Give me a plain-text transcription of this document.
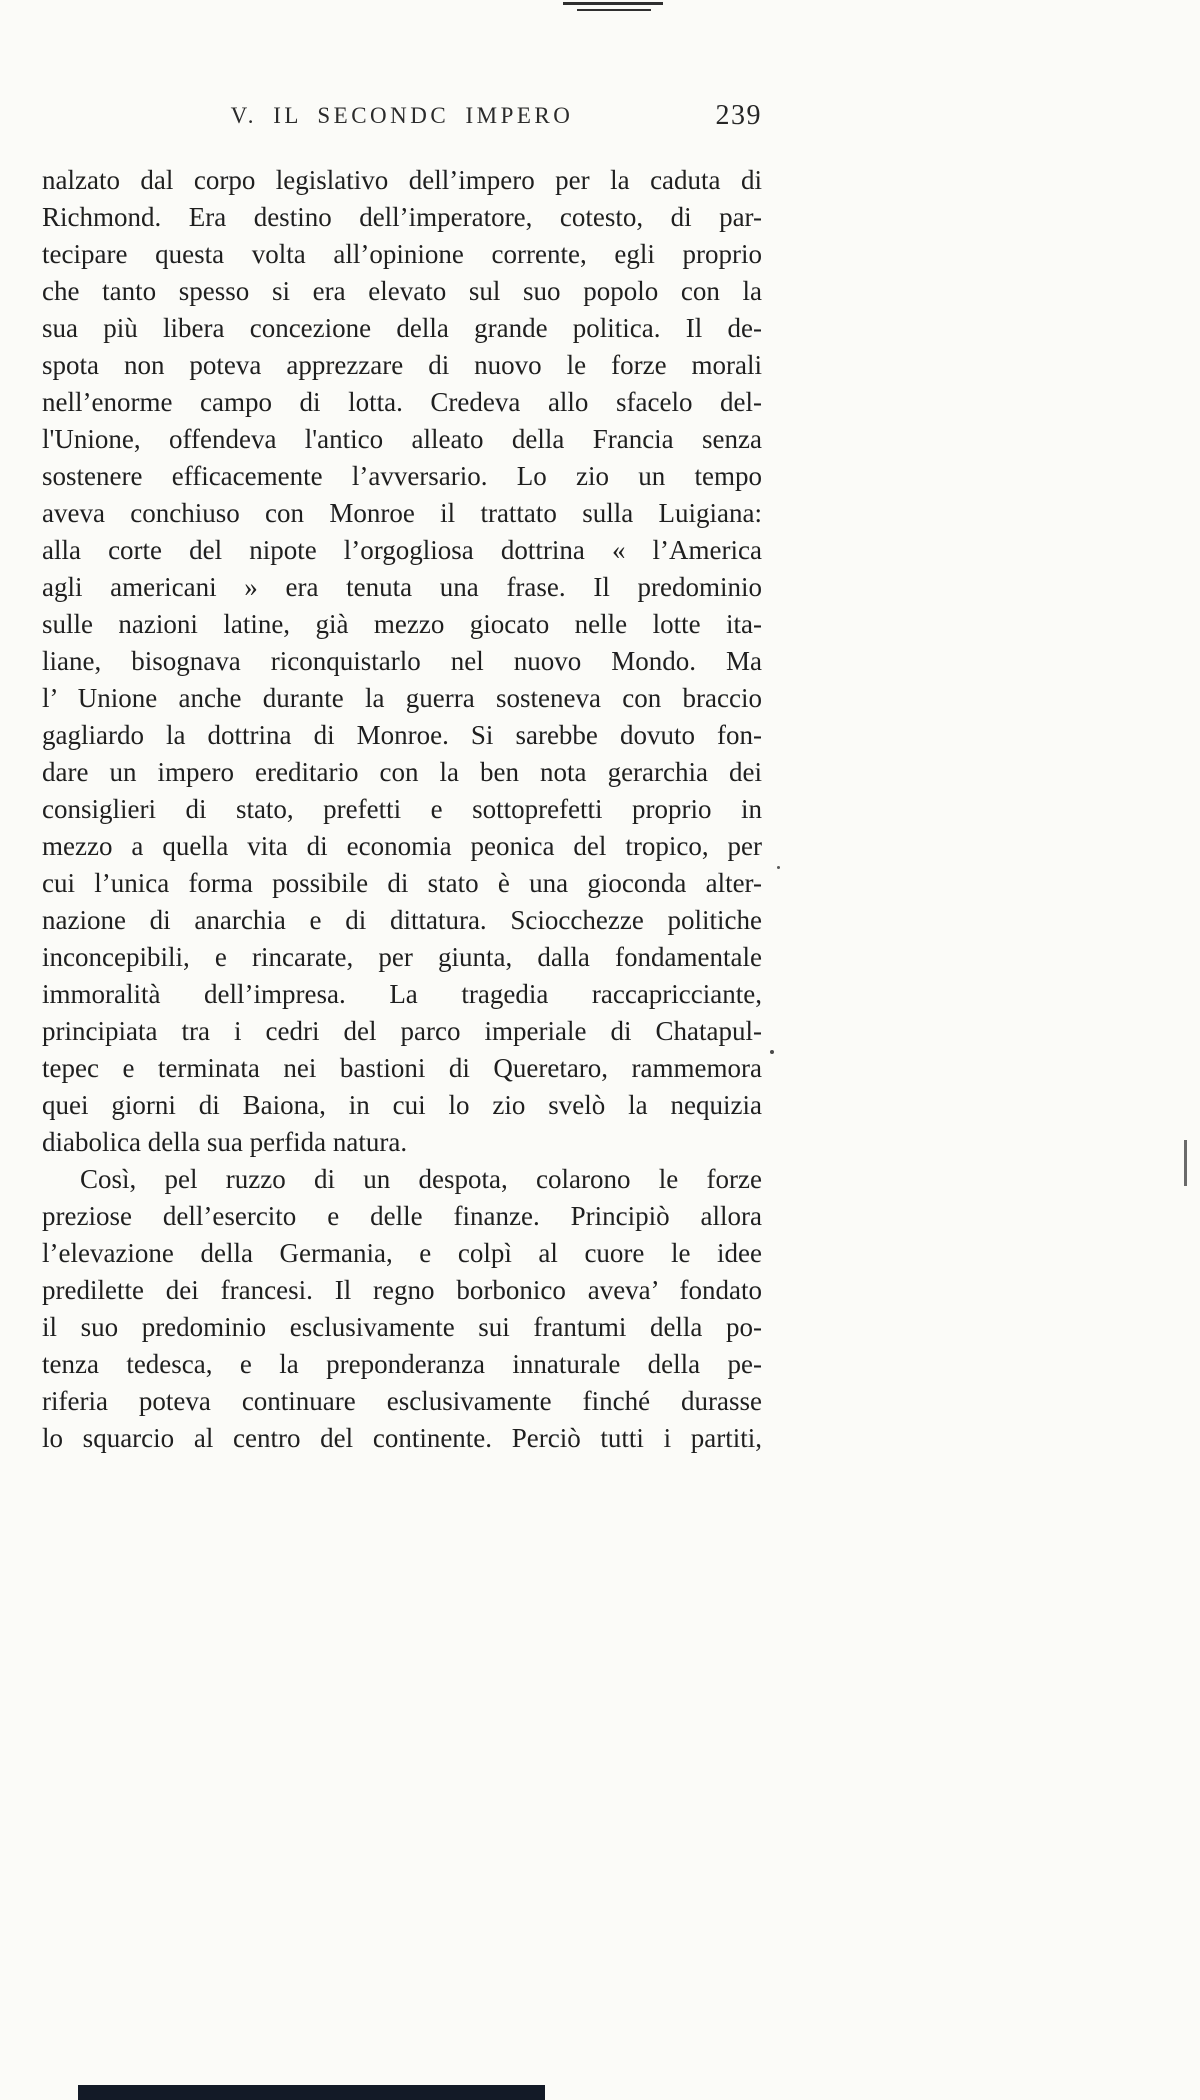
V. IL SECONDC IMPERO	239
nalzato dal corpo legislativo dell’impero per la caduta di
Richmond. Era destino dell’imperatore, cotesto, di par-
tecipare questa volta all’opinione corrente, egli proprio
che tanto spesso si era elevato sul suo popolo con la
sua più libera concezione della grande politica. Il de-
spota non poteva apprezzare di nuovo le forze morali
nell’enorme campo di lotta. Credeva allo sfacelo del-
l'Unione, offendeva l'antico alleato della Francia senza
sostenere efficacemente l’avversario. Lo zio un tempo
aveva conchiuso con Monroe il trattato sulla Luigiana:
alla corte del nipote l’orgogliosa dottrina « l’America
agli americani » era tenuta una frase. Il predominio
sulle nazioni latine, già mezzo giocato nelle lotte ita-
liane, bisognava riconquistarlo nel nuovo Mondo. Ma
l’ Unione anche durante la guerra sosteneva con braccio
gagliardo la dottrina di Monroe. Si sarebbe dovuto fon-
dare un impero ereditario con la ben nota gerarchia dei
consiglieri di stato, prefetti e sottoprefetti proprio in
mezzo a quella vita di economia peonica del tropico, per
cui l’unica forma possibile di stato è una gioconda alter-
nazione di anarchia e di dittatura. Sciocchezze politiche
inconcepibili, e rincarate, per giunta, dalla fondamentale
immoralità dell’impresa. La tragedia raccapricciante,
principiata tra i cedri del parco imperiale di Chatapul-
tepec e terminata nei bastioni di Queretaro, rammemora
quei giorni di Baiona, in cui lo zio svelò la nequizia
diabolica della sua perfida natura.
Così, pel ruzzo di un despota, colarono le forze
preziose dell’esercito e delle finanze. Principiò allora
l’elevazione della Germania, e colpì al cuore le idee
predilette dei francesi. Il regno borbonico aveva’ fondato
il suo predominio esclusivamente sui frantumi della po-
tenza tedesca, e la preponderanza innaturale della pe-
riferia poteva continuare esclusivamente finché durasse
lo squarcio al centro del continente. Perciò tutti i partiti,
